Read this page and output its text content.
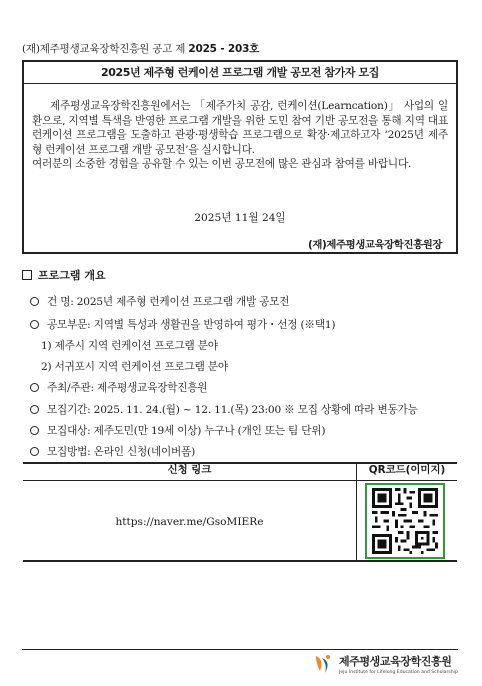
(재)제주평생교육장학진흥원 공고 제 2025 - 203호
2025년 제주형 런케이션 프로그램 개발 공모전 참가자 모집

제주평생교육장학진흥원에서는 「제주가치 공감, 런케이션(Learncation)」 사업의 일환으로, 지역별 특색을 반영한 프로그램 개발을 위한 도민 참여 기반 공모전을 통해 지역 대표 런케이션 프로그램을 도출하고 관광·평생학습 프로그램으로 확장·제고하고자 ‘2025년 제주형 런케이션 프로그램 개발 공모전’을 실시합니다.

여러분의 소중한 경험을 공유할 수 있는 이번 공모전에 많은 관심과 참여를 바랍니다.

2025년 11월 24일
(재)제주평생교육장학진흥원장
프로그램 개요
건 명: 2025년 제주형 런케이션 프로그램 개발 공모전
공모부문: 지역별 특성과 생활권을 반영하여 평가・선정 (※택1)
1) 제주시 지역 런케이션 프로그램 분야
2) 서귀포시 지역 런케이션 프로그램 분야
주최/주관: 제주평생교육장학진흥원
모집기간: 2025. 11. 24.(월) ~ 12. 11.(목) 23:00 ※ 모집 상황에 따라 변동가능
모집대상: 제주도민(만 19세 이상) 누구나 (개인 또는 팀 단위)
모집방법: 온라인 신청(네이버폼)
신청 링크	QR코드(이미지)
https://naver.me/GsoMIERe
제주평생교육장학진흥원
Jeju Institute for Lifelong Education and Scholarship
